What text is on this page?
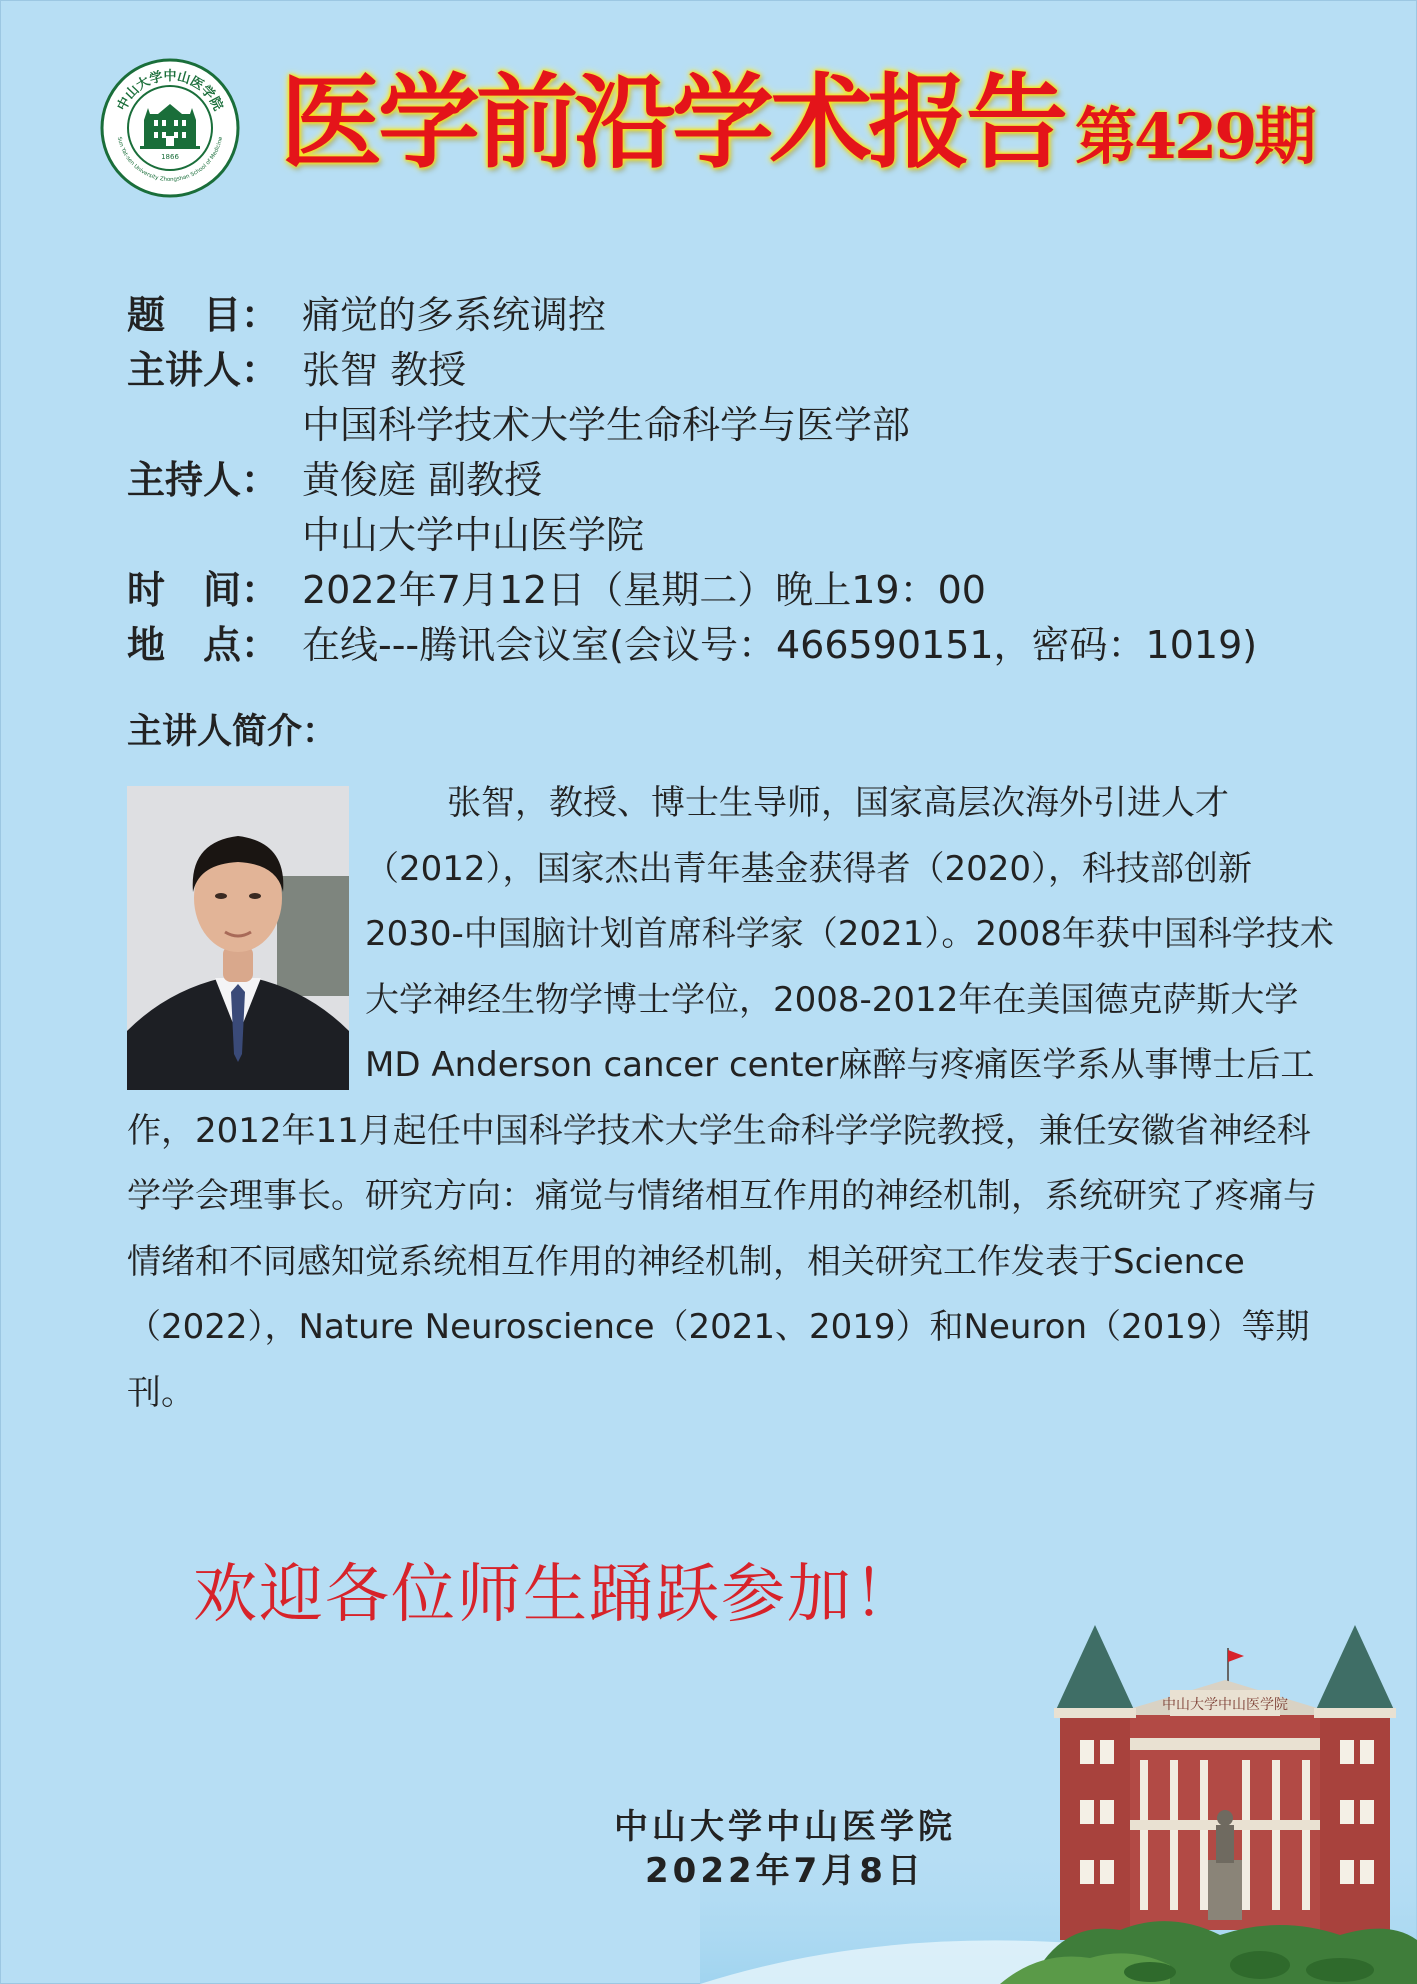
中山大学中山医学院
Sun Yat-sen University Zhongshan School of Medicine
1866 医学前沿学术报告 第429期
题　目： 痛觉的多系统调控
主讲人： 张智 教授
中国科学技术大学生命科学与医学部
主持人： 黄俊庭 副教授
中山大学中山医学院
时　间： 2022年7月12日（星期二）晚上19：00
地　点： 在线---腾讯会议室(会议号：466590151，密码：1019)
主讲人简介：

张智，教授、博士生导师，国家高层次海外引进人才（2012），国家杰出青年基金获得者（2020），科技部创新2030-中国脑计划首席科学家（2021）。2008年获中国科学技术大学神经生物学博士学位，2008-2012年在美国德克萨斯大学MD Anderson cancer center麻醉与疼痛医学系从事博士后工作，2012年11月起任中国科学技术大学生命科学学院教授，兼任安徽省神经科学学会理事长。研究方向：痛觉与情绪相互作用的神经机制，系统研究了疼痛与情绪和不同感知觉系统相互作用的神经机制，相关研究工作发表于Science（2022），Nature Neuroscience（2021、2019）和Neuron（2019）等期刊。

欢迎各位师生踊跃参加！
中山大学中山医学院
中山大学中山医学院
2022年7月8日
